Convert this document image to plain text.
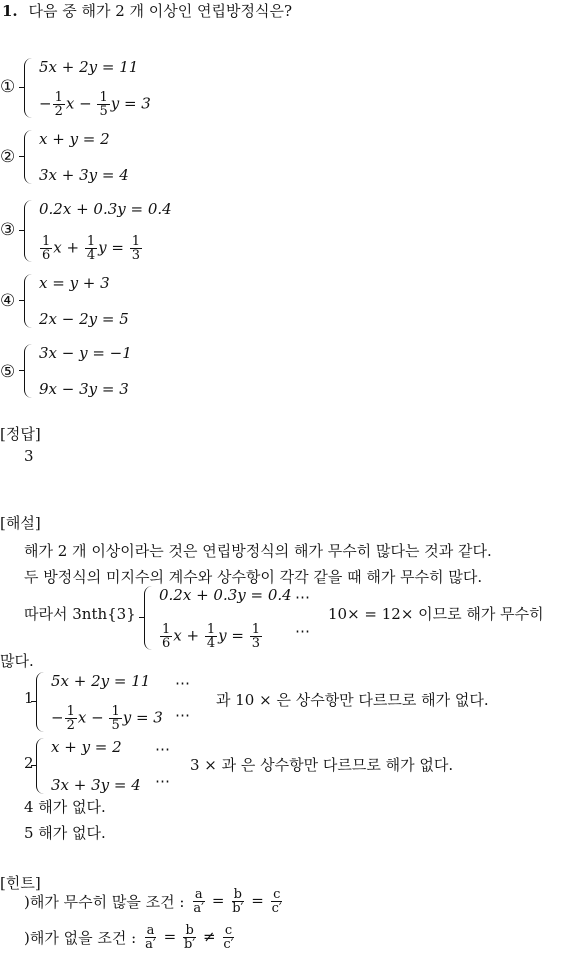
1. 다음 중 해가 2 개 이상인 연립방정식은?
①
5x + 2y = 11
− $\frac{1}{2}$ $x - \frac{1}{5}$ y = 3
②
x + y = 2
3x + 3y = 4
③
0.2x + 0.3y = 0.4
$\frac{1}{6}$ $x + \frac{1}{4}$ $y = \frac{1}{3}$
④
x = y + 3
2x − 2y = 5
⑤
3x − y = −1
9x − 3y = 3
[정답]
3
[해설]
해가 2 개 이상이라는 것은 연립방정식의 해가 무수히 많다는 것과 같다.
두 방정식의 미지수의 계수와 상수항이 각각 같을 때 해가 무수히 많다.
따라서 3nth{3}
0.2x + 0.3y = 0.4
$\frac{1}{6}$ $x + \frac{1}{4}$ $y = \frac{1}{3}$
⋯
⋯
10× = 12× 이므로 해가 무수히
많다.
1
5x + 2y = 11
− $\frac{1}{2}$ $x - \frac{1}{5}$ y = 3
⋯
⋯
과 10 × 은 상수항만 다르므로 해가 없다.
2
x + y = 2
3x + 3y = 4
⋯
⋯
3 × 과 은 상수항만 다르므로 해가 없다.
4 해가 없다.
5 해가 없다.
[힌트]
)해가 무수히 많을 조건 : $\frac{a}{a'} = \frac{b}{b'} = \frac{c}{c'}$
)해가 없을 조건 : $\frac{a}{a'} = \frac{b}{b'} \ne \frac{c}{c'}$
